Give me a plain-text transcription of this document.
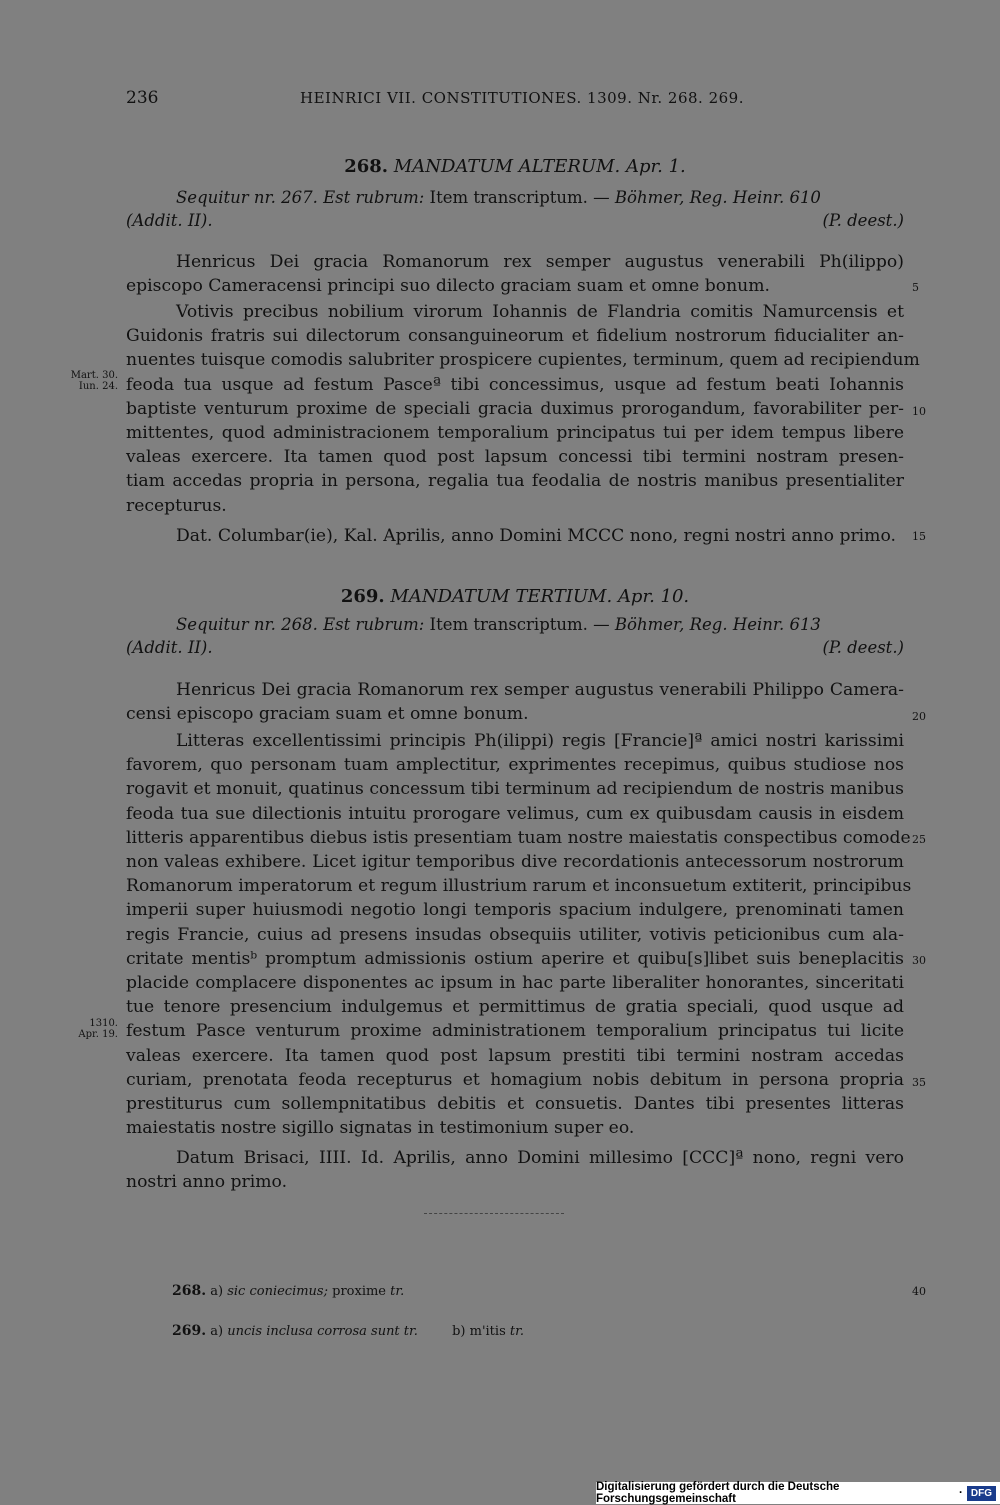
236	HEINRICI VII. CONSTITUTIONES. 1309. Nr. 268. 269.
268. MANDATUM ALTERUM. Apr. 1.
Sequitur nr. 267. Est rubrum: Item transcriptum. — Böhmer, Reg. Heinr. 610
(Addit. II).	(P. deest.)
Henricus Dei gracia Romanorum rex semper augustus venerabili Ph(ilippo)
episcopo Cameracensi principi suo dilecto graciam suam et omne bonum.
Votivis precibus nobilium virorum Iohannis de Flandria comitis Namurcensis et
Guidonis fratris sui dilectorum consanguineorum et fidelium nostrorum fiducialiter an-
nuentes tuisque comodis salubriter prospicere cupientes, terminum, quem ad recipiendum
feoda tua usque ad festum Pasceª tibi concessimus, usque ad festum beati Iohannis
baptiste venturum proxime de speciali gracia duximus prorogandum, favorabiliter per-
mittentes, quod administracionem temporalium principatus tui per idem tempus libere
valeas exercere. Ita tamen quod post lapsum concessi tibi termini nostram presen-
tiam accedas propria in persona, regalia tua feodalia de nostris manibus presentialiter
recepturus.
Dat. Columbar(ie), Kal. Aprilis, anno Domini MCCC nono, regni nostri anno primo.
Mart. 30.
Iun. 24.
269. MANDATUM TERTIUM. Apr. 10.
Sequitur nr. 268. Est rubrum: Item transcriptum. — Böhmer, Reg. Heinr. 613
(Addit. II).	(P. deest.)
Henricus Dei gracia Romanorum rex semper augustus venerabili Philippo Camera-
censi episcopo graciam suam et omne bonum.
Litteras excellentissimi principis Ph(ilippi) regis [Francie]ª amici nostri karissimi
favorem, quo personam tuam amplectitur, exprimentes recepimus, quibus studiose nos
rogavit et monuit, quatinus concessum tibi terminum ad recipiendum de nostris manibus
feoda tua sue dilectionis intuitu prorogare velimus, cum ex quibusdam causis in eisdem
litteris apparentibus diebus istis presentiam tuam nostre maiestatis conspectibus comode
non valeas exhibere. Licet igitur temporibus dive recordationis antecessorum nostrorum
Romanorum imperatorum et regum illustrium rarum et inconsuetum extiterit, principibus
imperii super huiusmodi negotio longi temporis spacium indulgere, prenominati tamen
regis Francie, cuius ad presens insudas obsequiis utiliter, votivis peticionibus cum ala-
critate mentisᵇ promptum admissionis ostium aperire et quibu[s]libet suis beneplacitis
placide complacere disponentes ac ipsum in hac parte liberaliter honorantes, sinceritati
tue tenore presencium indulgemus et permittimus de gratia speciali, quod usque ad
festum Pasce venturum proxime administrationem temporalium principatus tui licite
valeas exercere. Ita tamen quod post lapsum prestiti tibi termini nostram accedas
curiam, prenotata feoda recepturus et homagium nobis debitum in persona propria
prestiturus cum sollempnitatibus debitis et consuetis. Dantes tibi presentes litteras
maiestatis nostre sigillo signatas in testimonium super eo.
Datum Brisaci, IIII. Id. Aprilis, anno Domini millesimo [CCC]ª nono, regni vero
nostri anno primo.
1310.
Apr. 19.
5
10
15
20
25
30
35
40
268. a) sic coniecimus; proxime tr.
269. a) uncis inclusa corrosa sunt tr.	b) m'itis tr.
Digitalisierung gefördert durch die Deutsche Forschungsgemeinschaft	· DFG
